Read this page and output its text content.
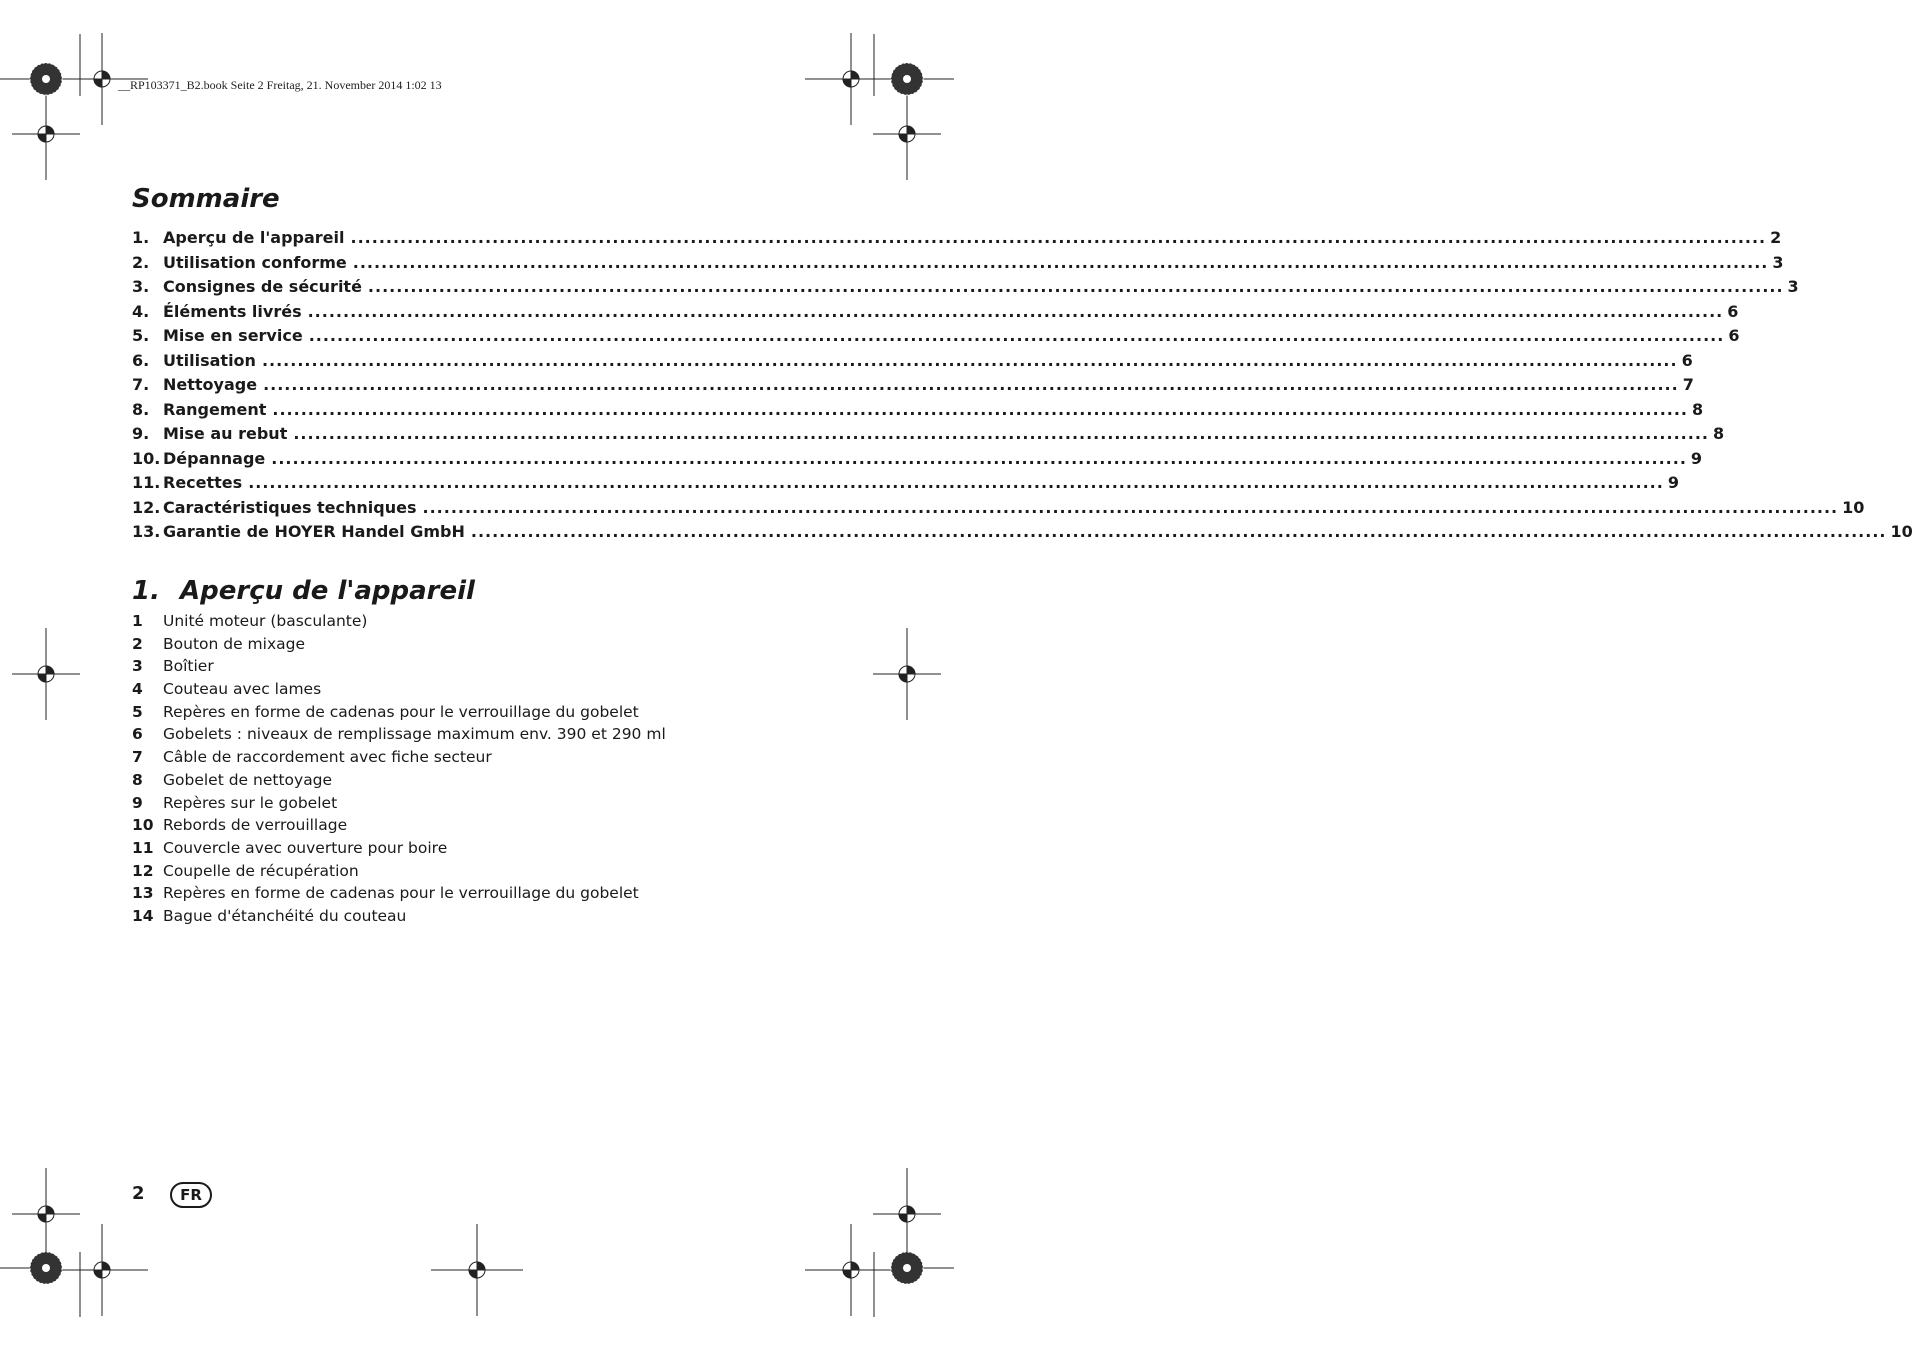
__RP103371_B2.book Seite 2 Freitag, 21. November 2014 1:02 13
Sommaire
1. Aperçu de l'appareil ........................................................................................................................................................................................................ 2
2. Utilisation conforme ........................................................................................................................................................................................................ 3
3. Consignes de sécurité ........................................................................................................................................................................................................ 3
4. Éléments livrés ........................................................................................................................................................................................................ 6
5. Mise en service ........................................................................................................................................................................................................ 6
6. Utilisation ........................................................................................................................................................................................................ 6
7. Nettoyage ........................................................................................................................................................................................................ 7
8. Rangement ........................................................................................................................................................................................................ 8
9. Mise au rebut ........................................................................................................................................................................................................ 8
10. Dépannage ........................................................................................................................................................................................................ 9
11. Recettes ........................................................................................................................................................................................................ 9
12. Caractéristiques techniques ........................................................................................................................................................................................................ 10
13. Garantie de HOYER Handel GmbH ........................................................................................................................................................................................................ 10
1. Aperçu de l'appareil
1	Unité moteur (basculante)
2	Bouton de mixage
3	Boîtier
4	Couteau avec lames
5	Repères en forme de cadenas pour le verrouillage du gobelet
6	Gobelets : niveaux de remplissage maximum env. 390 et 290 ml
7	Câble de raccordement avec fiche secteur
8	Gobelet de nettoyage
9	Repères sur le gobelet
10 Rebords de verrouillage
11 Couvercle avec ouverture pour boire
12 Coupelle de récupération
13 Repères en forme de cadenas pour le verrouillage du gobelet
14 Bague d'étanchéité du couteau
2	FR
